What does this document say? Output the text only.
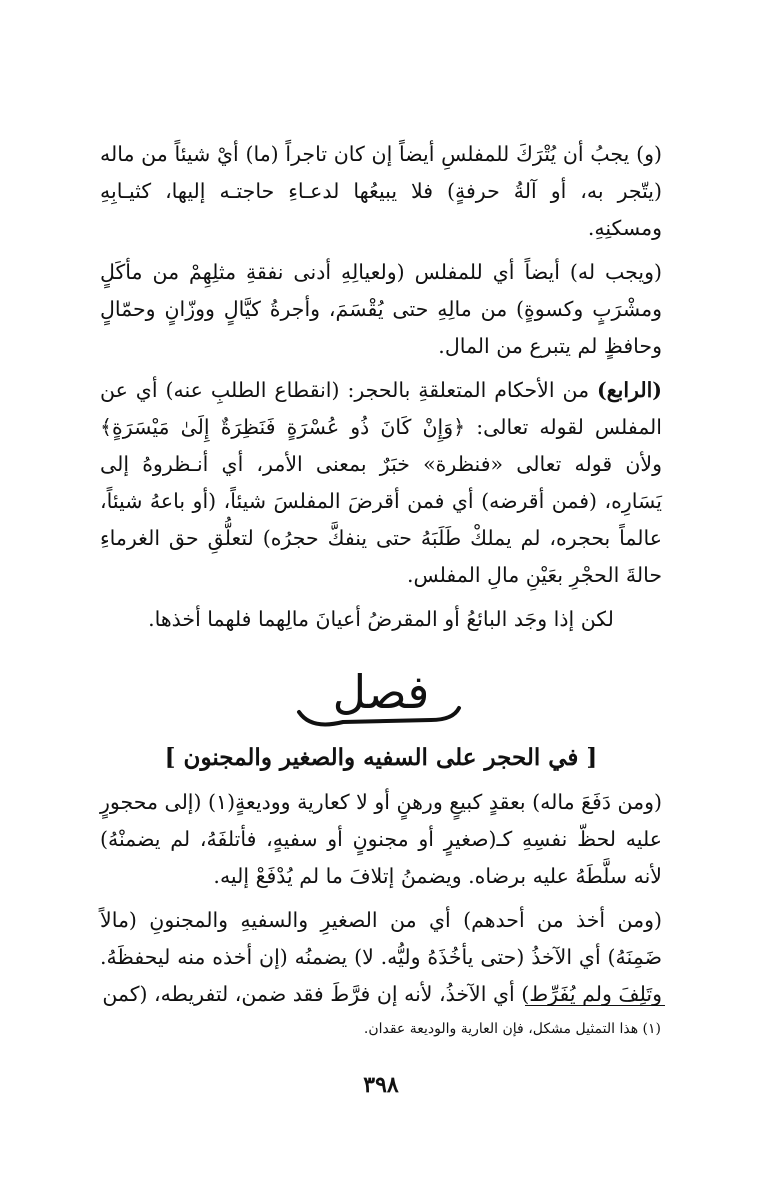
(و) يجبُ أن يُتْرَكَ للمفلسِ أيضاً إن كان تاجراً (ما) أيْ شيئاً من ماله (يتّجر به، أو آلةُ حرفةٍ) فلا يبيعُها لدعـاءِ حاجتـه إليها، كثيـابِهِ ومسكنِهِ.

(ويجب له) أيضاً أي للمفلس (ولعيالِهِ أدنى نفقةِ مثلِهِمْ من مأكَلٍ ومشْرَبٍ وكسوةٍ) من مالِهِ حتى يُقْسَمَ، وأجرةُ كيَّالٍ ووزّانٍ وحمّالٍ وحافظٍ لم يتبرع من المال.

(الرابع) من الأحكام المتعلقةِ بالحجر: (انقطاع الطلبِ عنه) أي عن المفلس لقوله تعالى: ﴿وَإِنْ كَانَ ذُو عُسْرَةٍ فَنَظِرَةٌ إِلَىٰ مَيْسَرَةٍ﴾ ولأن قوله تعالى «فنظرة» خبَرٌ بمعنى الأمر، أي أنـظروهُ إلى يَسَارِه، (فمن أقرضه) أي فمن أقرضَ المفلسَ شيئاً، (أو باعهُ شيئاً، عالماً بحجره، لم يملكْ طَلَبَهُ حتى ينفكَّ حجرُه) لتعلُّقِ حق الغرماءِ حالةَ الحجْرِ بعَيْنِ مالِ المفلس.

لكن إذا وجَد البائعُ أو المقرضُ أعيانَ مالِهما فلهما أخذها.

فصل
[ في الحجر على السفيه والصغير والمجنون ]

(ومن دَفَعَ ماله) بعقدٍ كبيعٍ ورهنٍ أو لا كعارية ووديعةٍ(١) (إلى محجورٍ عليه لحظّ نفسِهِ كـ(صغيرٍ أو مجنونٍ أو سفيهٍ، فأتلفَهُ، لم يضمنْهُ) لأنه سلَّطَهُ عليه برضاه. ويضمنُ إتلافَ ما لم يُدْفَعْ إليه.

(ومن أخذ من أحدهم) أي من الصغيرِ والسفيهِ والمجنونِ (مالاً ضَمِنَهُ) أي الآخذُ (حتى يأخُذَهُ وليُّه. لا) يضمنُه (إن أخذه منه ليحفظَهُ. وتَلِفَ ولم يُفَرِّط) أي الآخذُ، لأنه إن فرَّطَ فقد ضمن، لتفريطه، (كمن

(١) هذا التمثيل مشكل، فإن العارية والوديعة عقدان.
٣٩٨
